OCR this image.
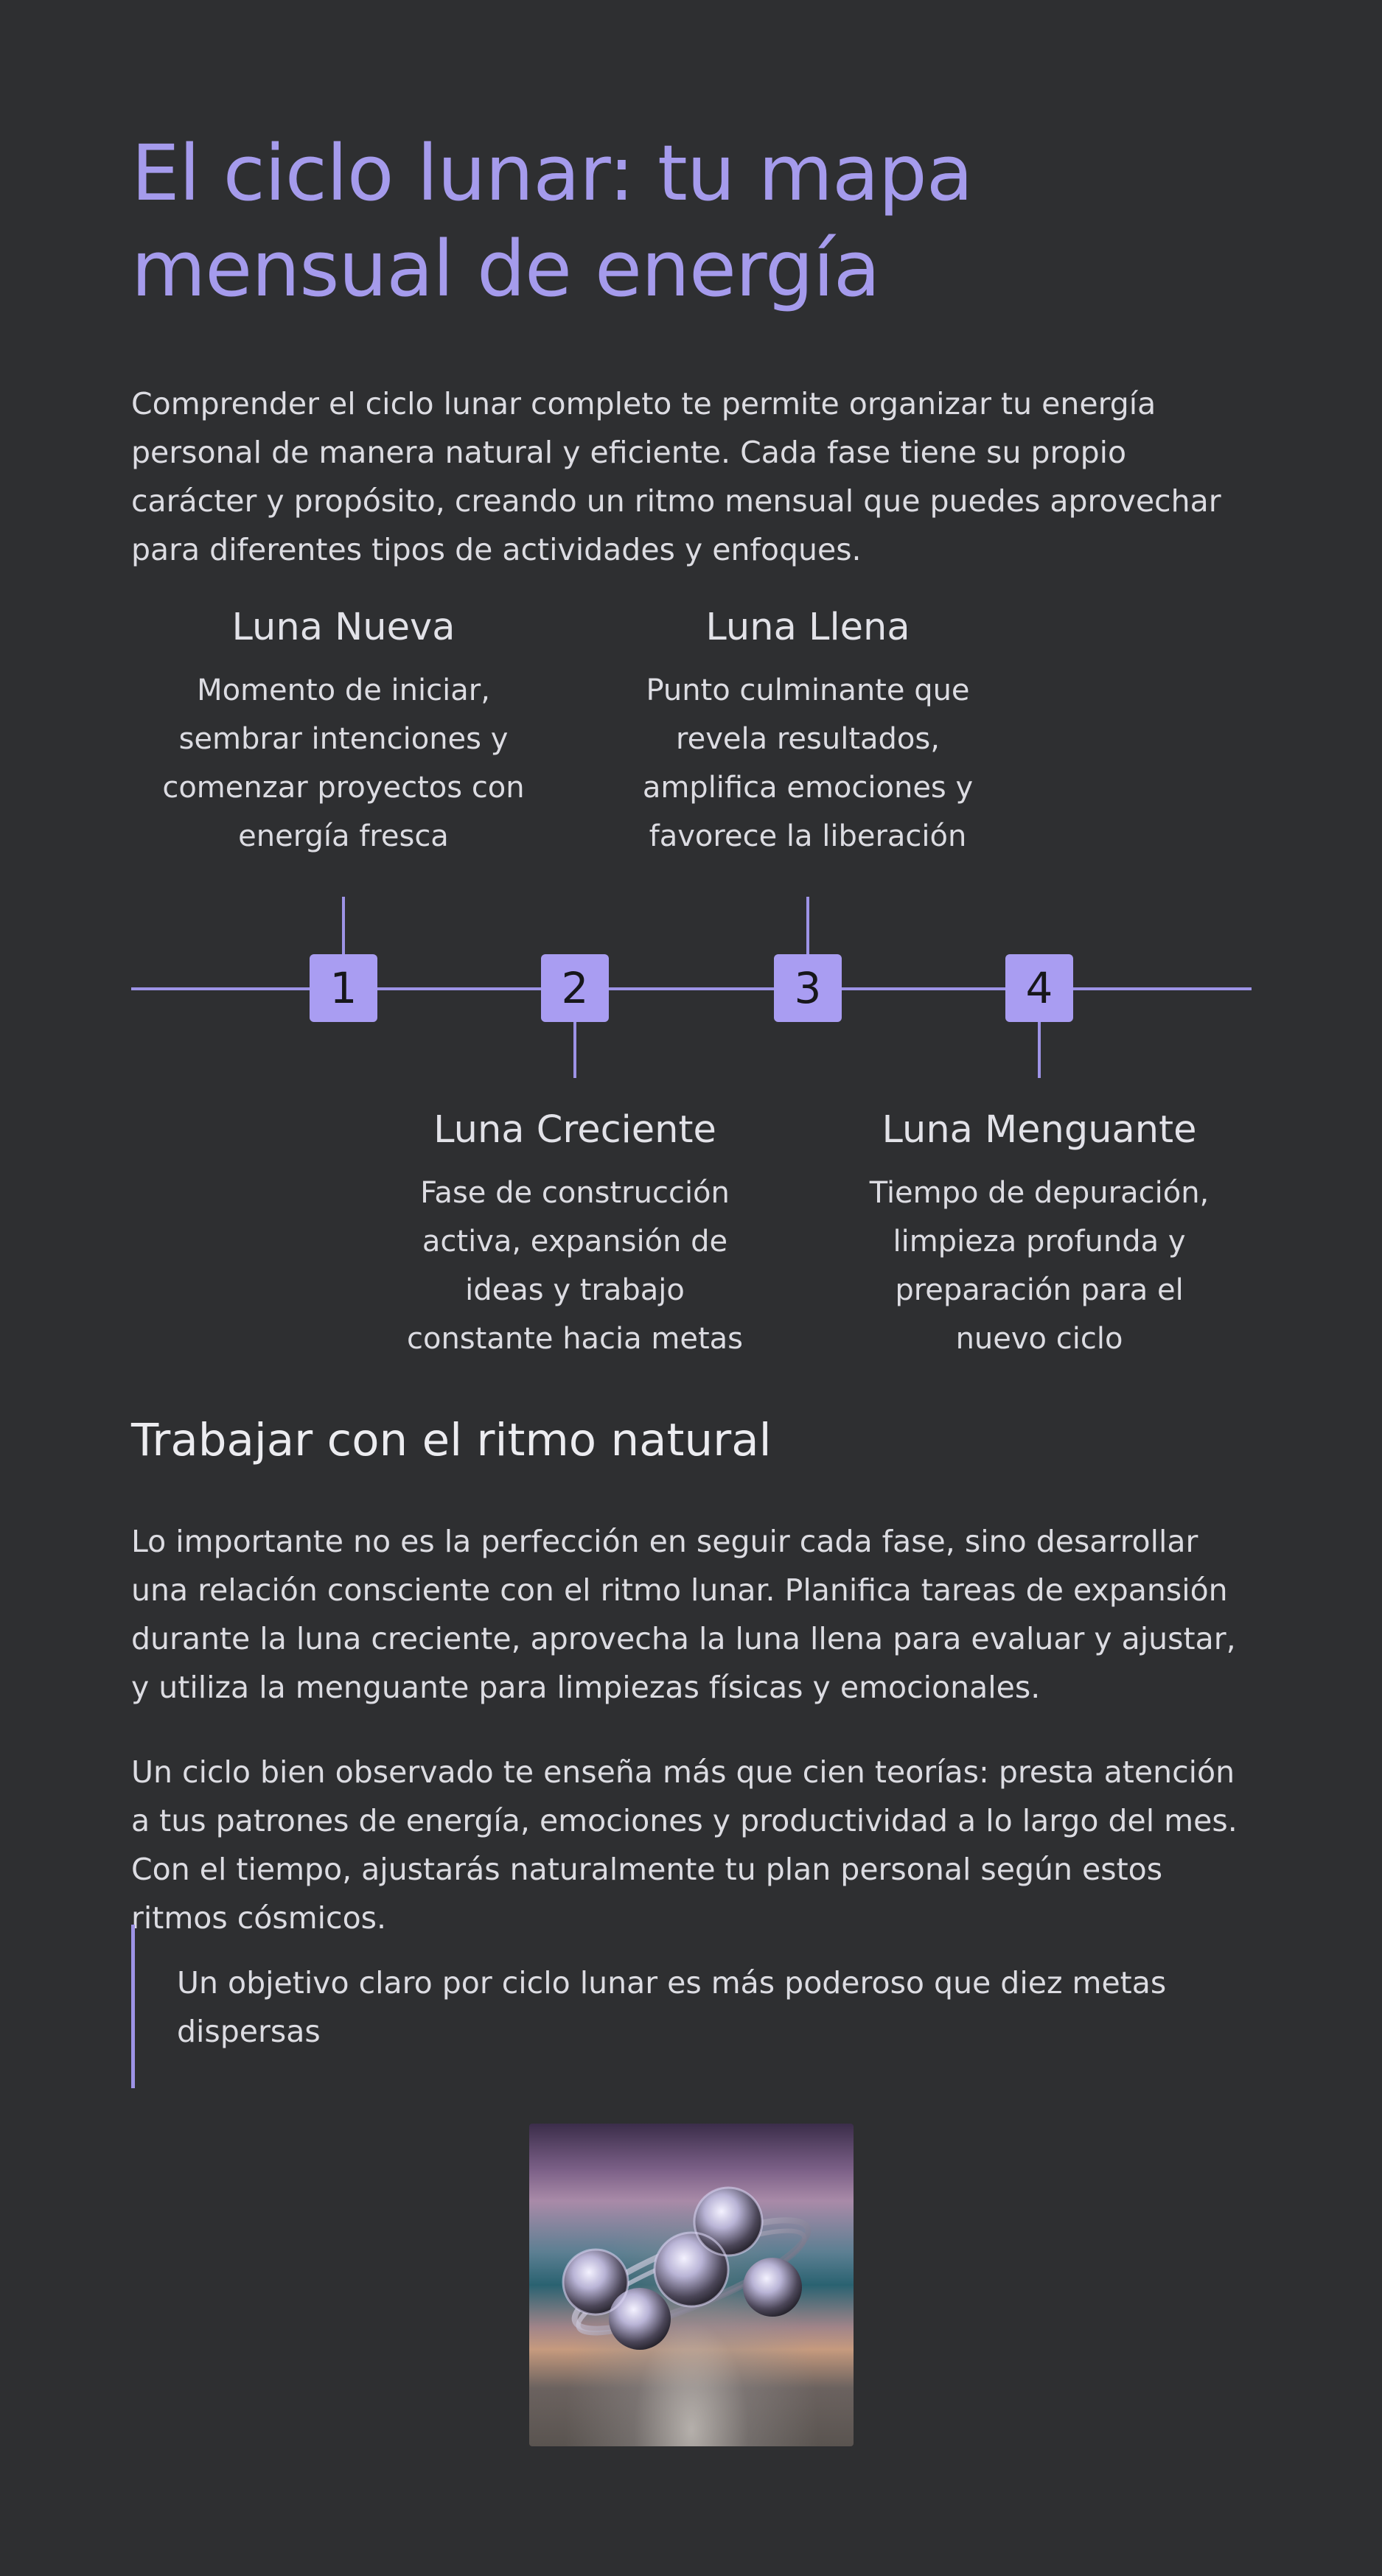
El ciclo lunar: tu mapa mensual de energía

Comprender el ciclo lunar completo te permite organizar tu energía personal de manera natural y eficiente. Cada fase tiene su propio carácter y propósito, creando un ritmo mensual que puedes aprovechar para diferentes tipos de actividades y enfoques.

Luna Nueva

Momento de iniciar, sembrar intenciones y comenzar proyectos con energía fresca

Luna Llena

Punto culminante que revela resultados, amplifica emociones y favorece la liberación

1	2	3	4
Luna Creciente

Fase de construcción activa, expansión de ideas y trabajo constante hacia metas

Luna Menguante

Tiempo de depuración, limpieza profunda y preparación para el nuevo ciclo

Trabajar con el ritmo natural

Lo importante no es la perfección en seguir cada fase, sino desarrollar una relación consciente con el ritmo lunar. Planifica tareas de expansión durante la luna creciente, aprovecha la luna llena para evaluar y ajustar, y utiliza la menguante para limpiezas físicas y emocionales.

Un ciclo bien observado te enseña más que cien teorías: presta atención a tus patrones de energía, emociones y productividad a lo largo del mes. Con el tiempo, ajustarás naturalmente tu plan personal según estos ritmos cósmicos.

Un objetivo claro por ciclo lunar es más poderoso que diez metas dispersas
